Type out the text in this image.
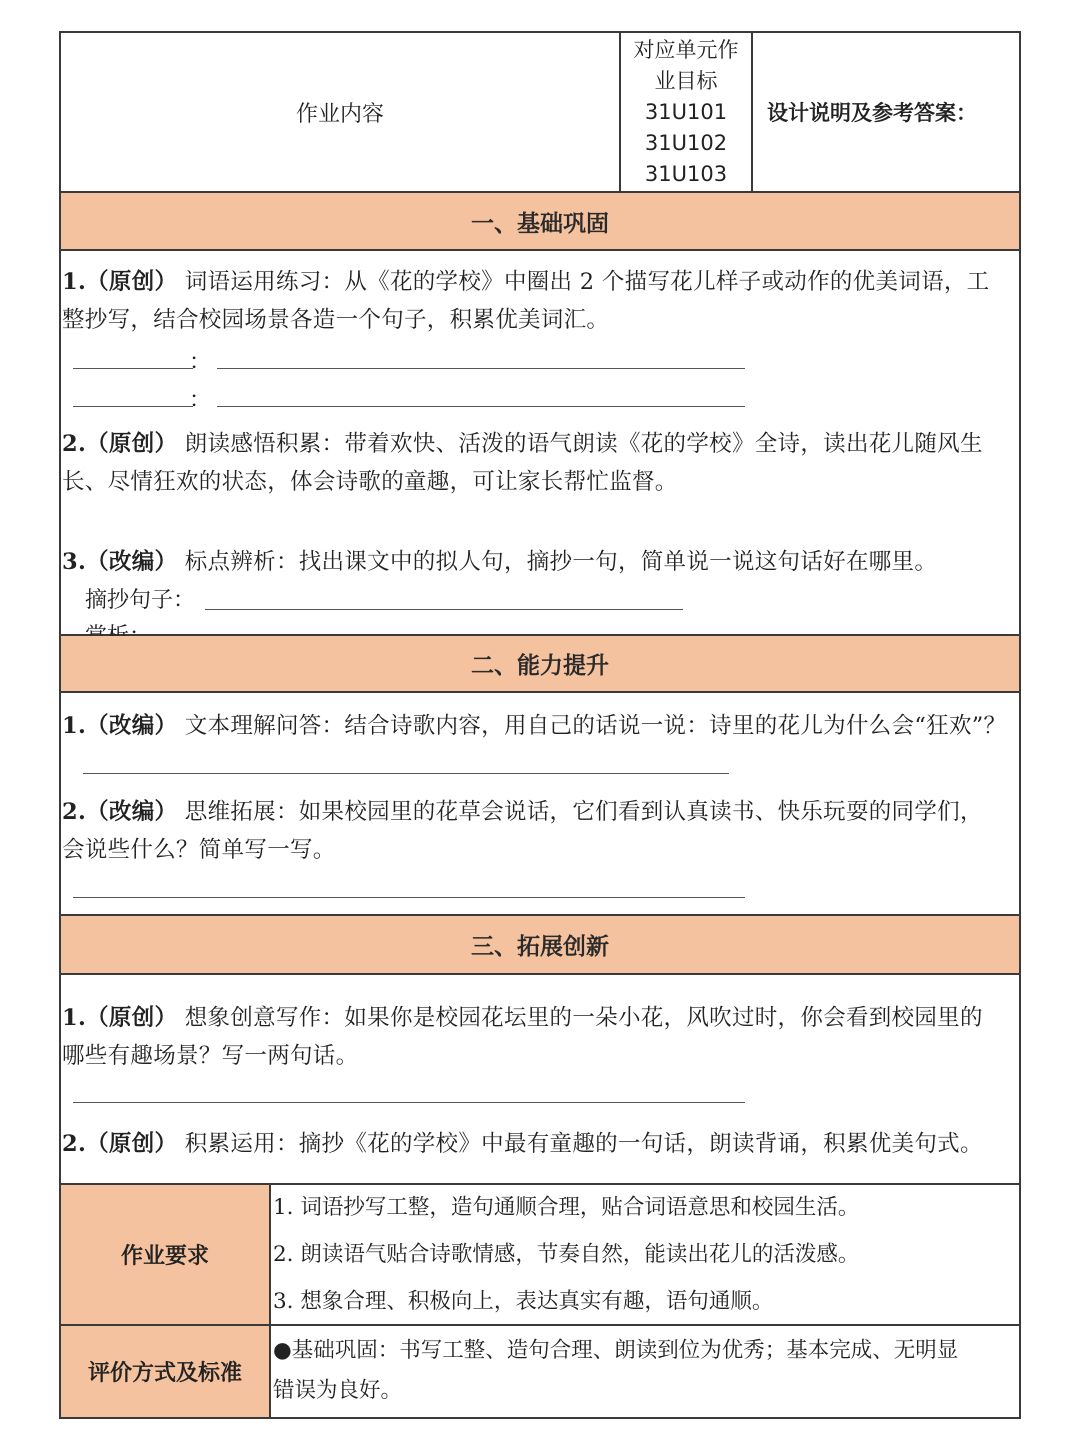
作业内容
对应单元作
业目标
31U101
31U102
31U103
设计说明及参考答案：
一、基础巩固
1.（原创） 词语运用练习：从《花的学校》中圈出 2 个描写花儿样子或动作的优美词语，工
整抄写，结合校园场景各造一个句子，积累优美词汇。
：
：
2.（原创） 朗读感悟积累：带着欢快、活泼的语气朗读《花的学校》全诗，读出花儿随风生
长、尽情狂欢的状态，体会诗歌的童趣，可让家长帮忙监督。
3.（改编） 标点辨析：找出课文中的拟人句，摘抄一句，简单说一说这句话好在哪里。
摘抄句子：
二、能力提升
1.（改编） 文本理解问答：结合诗歌内容，用自己的话说一说：诗里的花儿为什么会“狂欢”？
2.（改编） 思维拓展：如果校园里的花草会说话，它们看到认真读书、快乐玩耍的同学们，
会说些什么？简单写一写。
三、拓展创新
1.（原创） 想象创意写作：如果你是校园花坛里的一朵小花，风吹过时，你会看到校园里的
哪些有趣场景？写一两句话。
2.（原创） 积累运用：摘抄《花的学校》中最有童趣的一句话，朗读背诵，积累优美句式。
作业要求
1. 词语抄写工整，造句通顺合理，贴合词语意思和校园生活。
2. 朗读语气贴合诗歌情感，节奏自然，能读出花儿的活泼感。
3. 想象合理、积极向上，表达真实有趣，语句通顺。
评价方式及标准
●基础巩固：书写工整、造句合理、朗读到位为优秀；基本完成、无明显
错误为良好。
